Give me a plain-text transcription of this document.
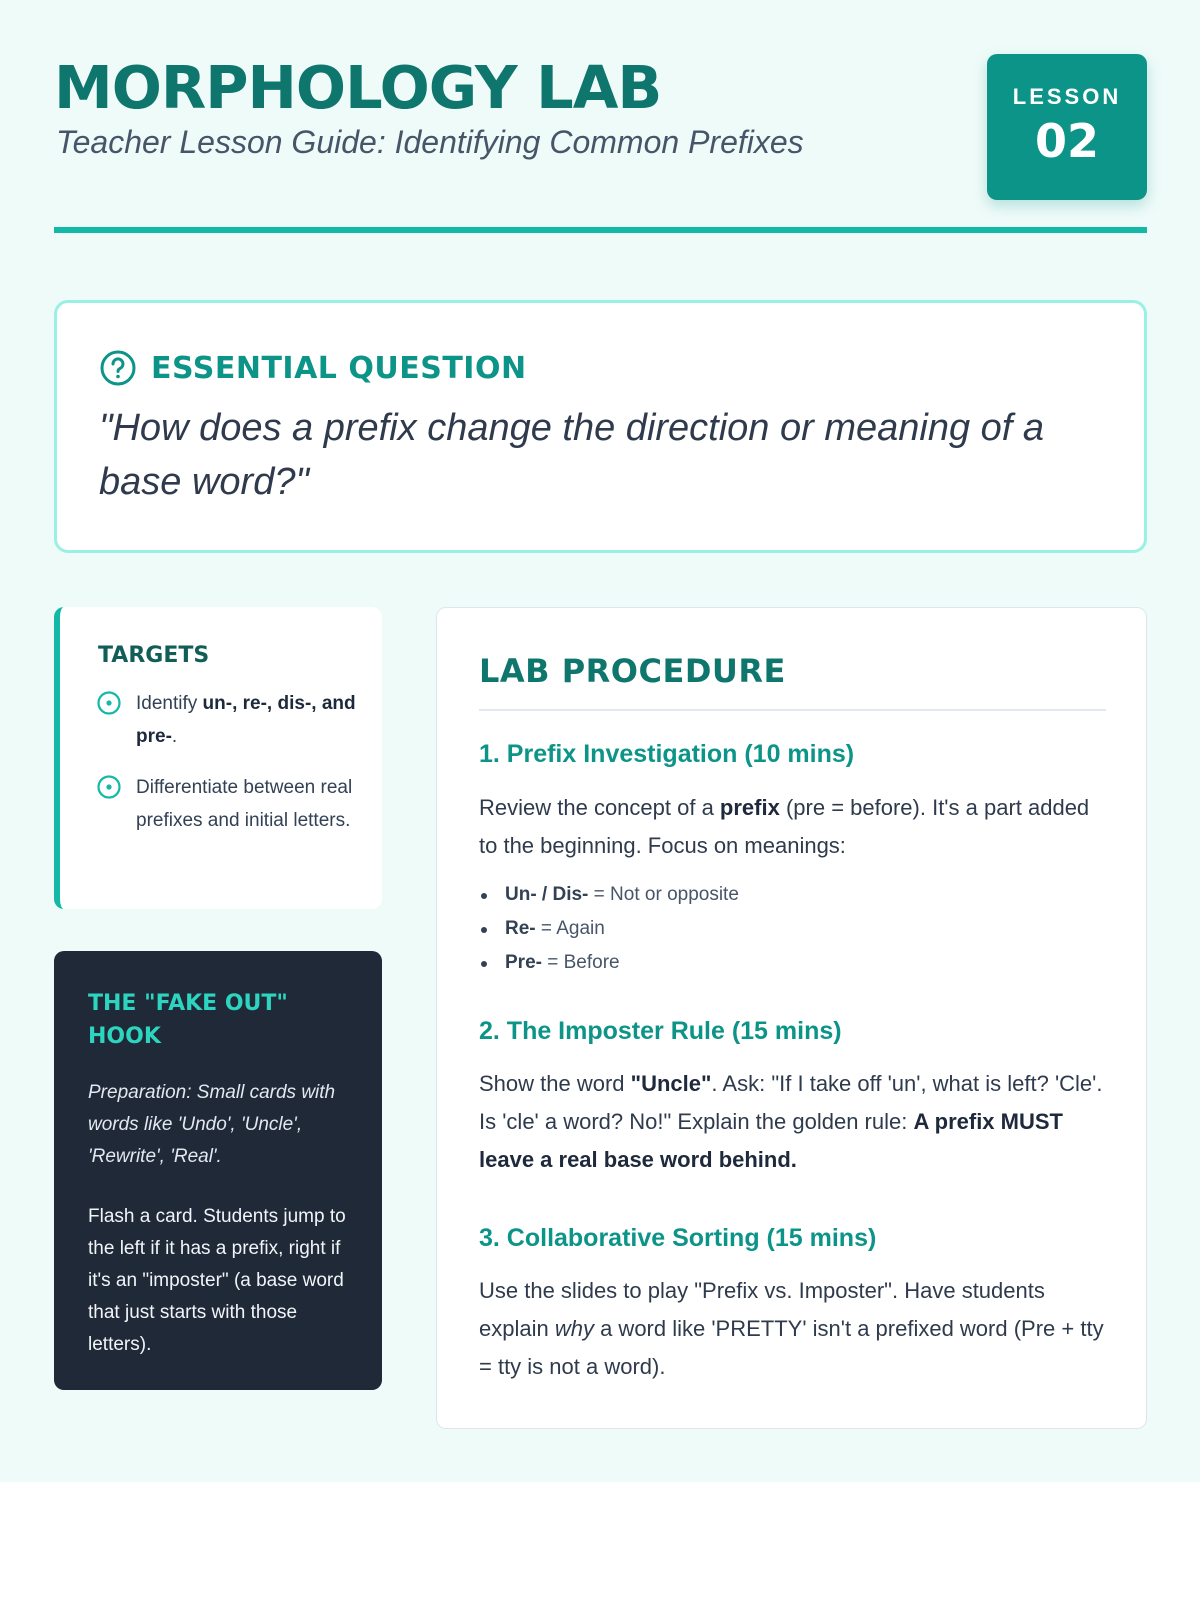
MORPHOLOGY LAB
Teacher Lesson Guide: Identifying Common Prefixes
LESSON
02
ESSENTIAL QUESTION
"How does a prefix change the direction or meaning of a base word?"
TARGETS
Identify un-, re-, dis-, and pre-.
Differentiate between real prefixes and initial letters.
THE "FAKE OUT" HOOK
Preparation: Small cards with words like 'Undo', 'Uncle', 'Rewrite', 'Real'.
Flash a card. Students jump to the left if it has a prefix, right if it's an "imposter" (a base word that just starts with those letters).
LAB PROCEDURE
1. Prefix Investigation (10 mins)
Review the concept of a prefix (pre = before). It's a part added to the beginning. Focus on meanings:
Un- / Dis- = Not or opposite
Re- = Again
Pre- = Before
2. The Imposter Rule (15 mins)
Show the word "Uncle". Ask: "If I take off 'un', what is left? 'Cle'. Is 'cle' a word? No!" Explain the golden rule: A prefix MUST leave a real base word behind.
3. Collaborative Sorting (15 mins)
Use the slides to play "Prefix vs. Imposter". Have students explain why a word like 'PRETTY' isn't a prefixed word (Pre + tty = tty is not a word).
